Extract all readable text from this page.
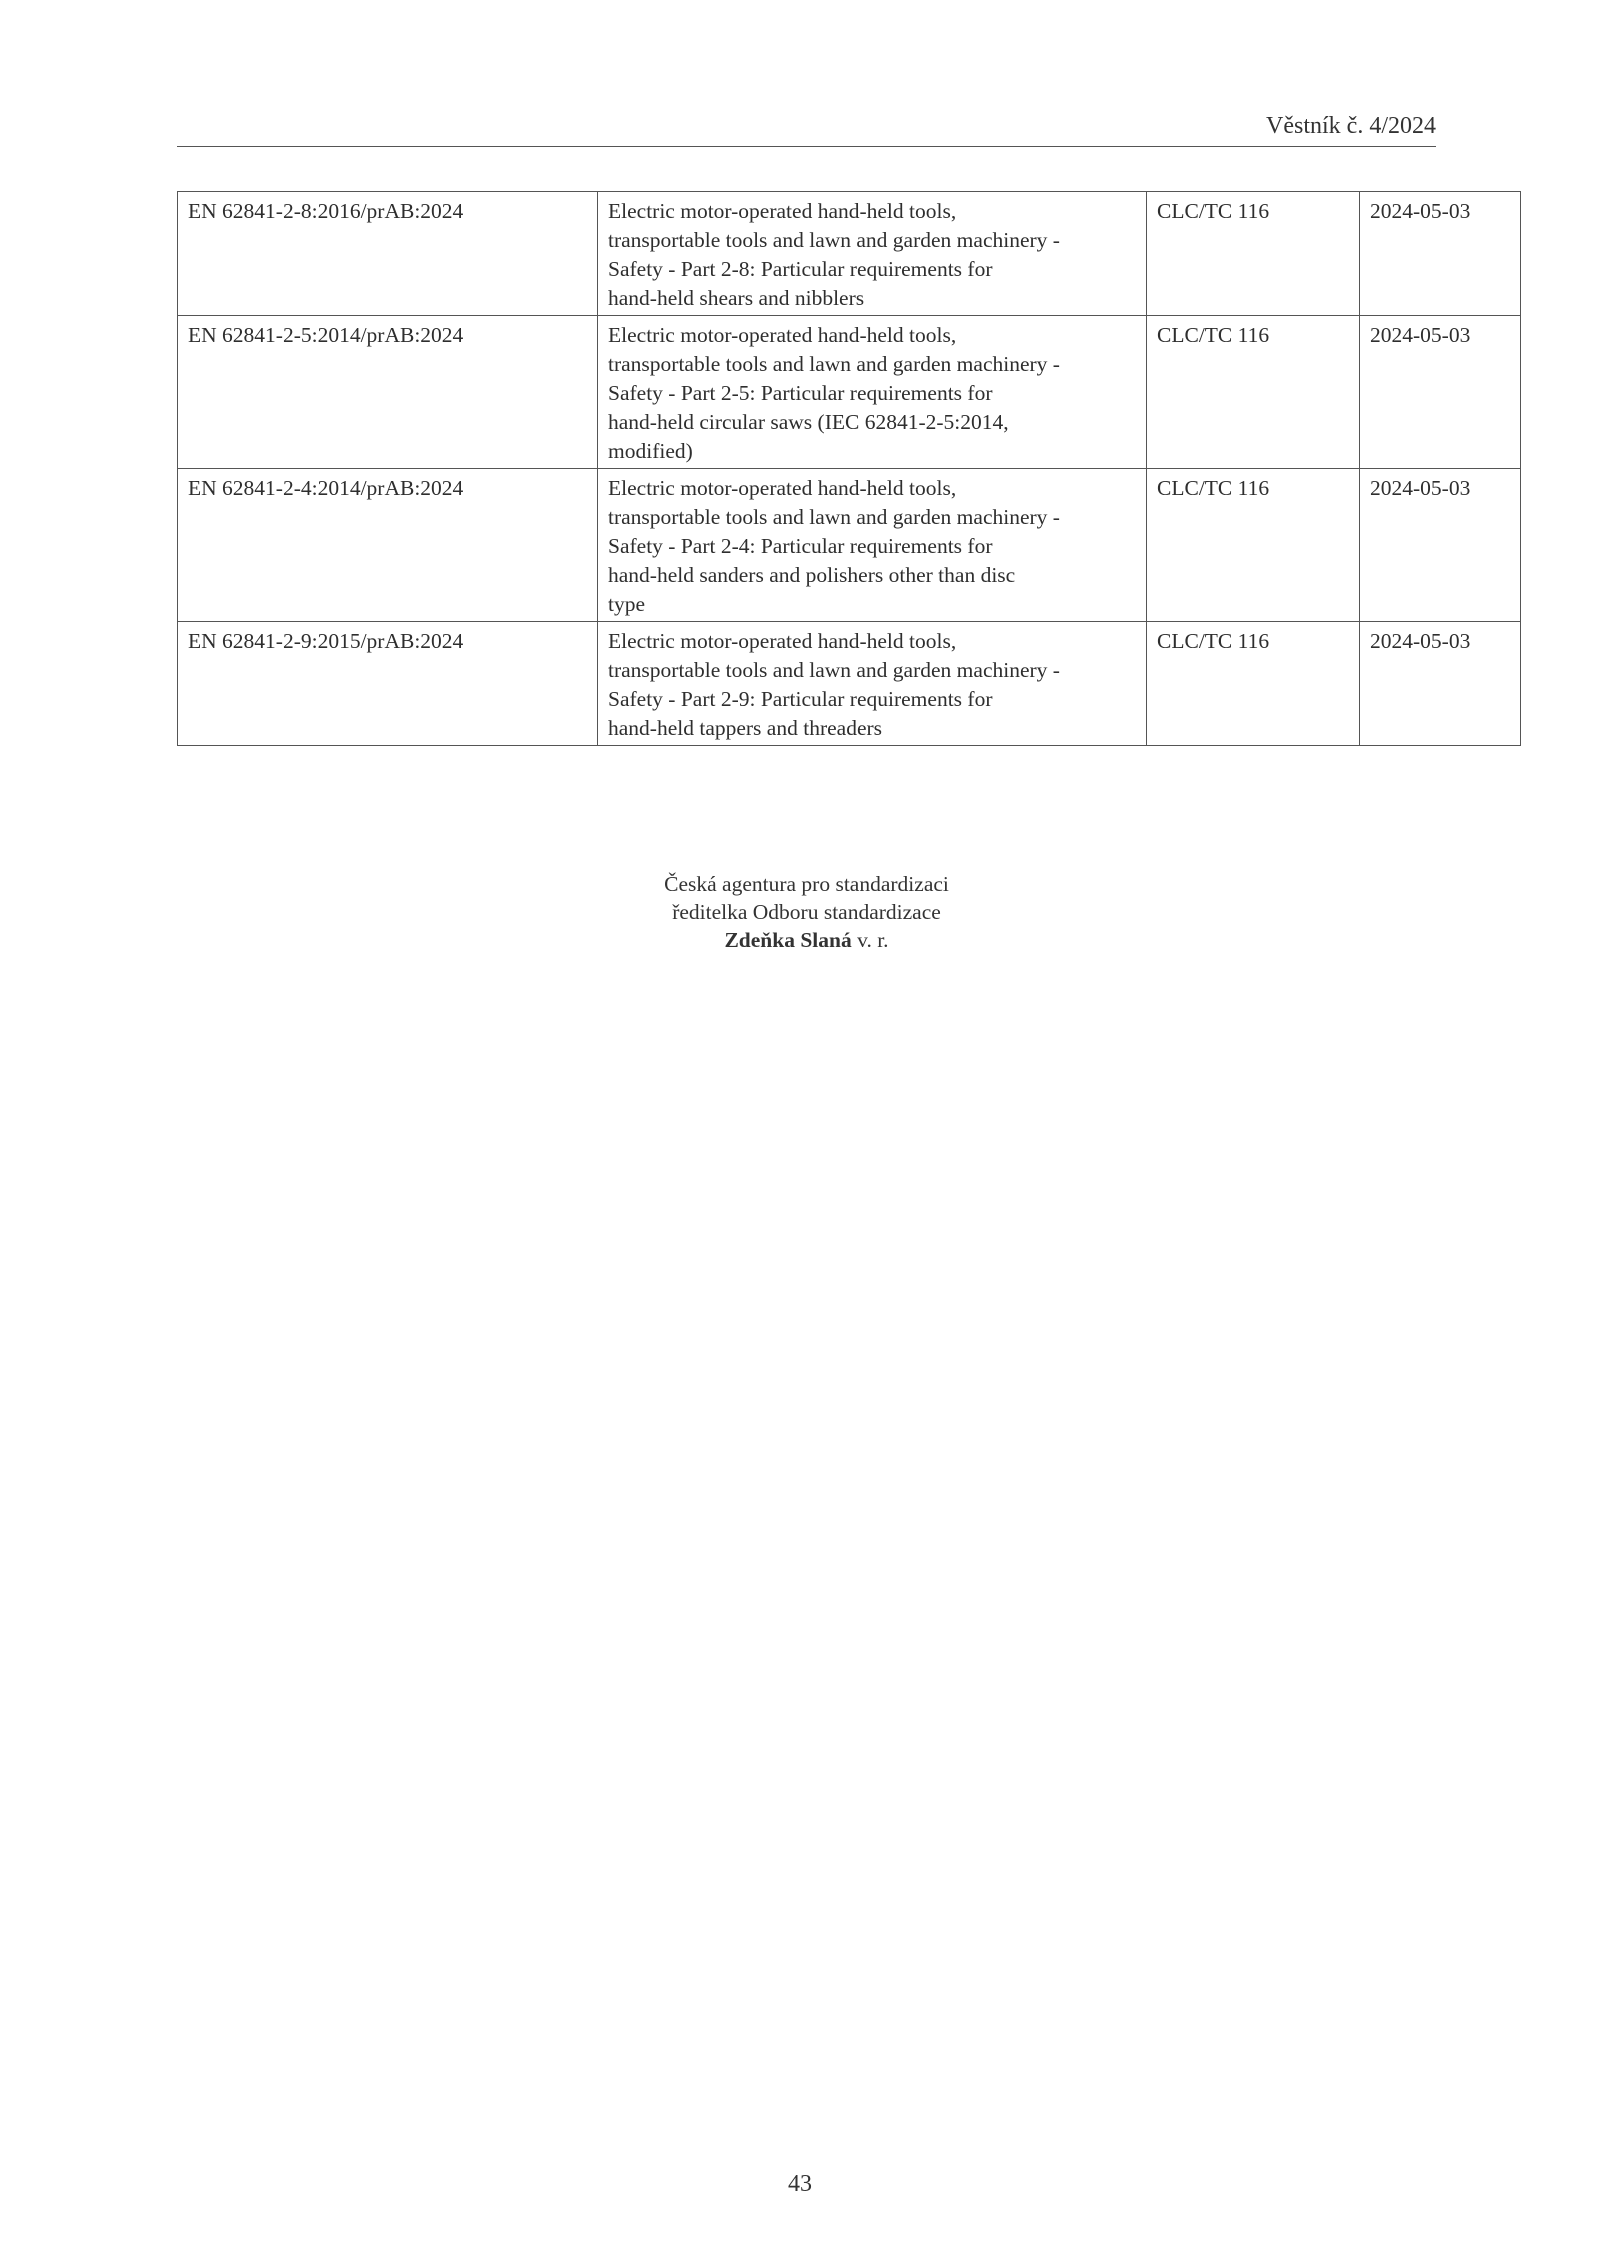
Věstník č. 4/2024
EN 62841-2-8:2016/prAB:2024	Electric motor-operated hand-held tools,
transportable tools and lawn and garden machinery -
Safety - Part 2-8: Particular requirements for
hand-held shears and nibblers	CLC/TC 116	2024-05-03
EN 62841-2-5:2014/prAB:2024	Electric motor-operated hand-held tools,
transportable tools and lawn and garden machinery -
Safety - Part 2-5: Particular requirements for
hand-held circular saws (IEC 62841-2-5:2014,
modified)	CLC/TC 116	2024-05-03
EN 62841-2-4:2014/prAB:2024	Electric motor-operated hand-held tools,
transportable tools and lawn and garden machinery -
Safety - Part 2-4: Particular requirements for
hand-held sanders and polishers other than disc
type	CLC/TC 116	2024-05-03
EN 62841-2-9:2015/prAB:2024	Electric motor-operated hand-held tools,
transportable tools and lawn and garden machinery -
Safety - Part 2-9: Particular requirements for
hand-held tappers and threaders	CLC/TC 116	2024-05-03
Česká agentura pro standardizaci
ředitelka Odboru standardizace
Zdeňka Slaná v. r.
43
